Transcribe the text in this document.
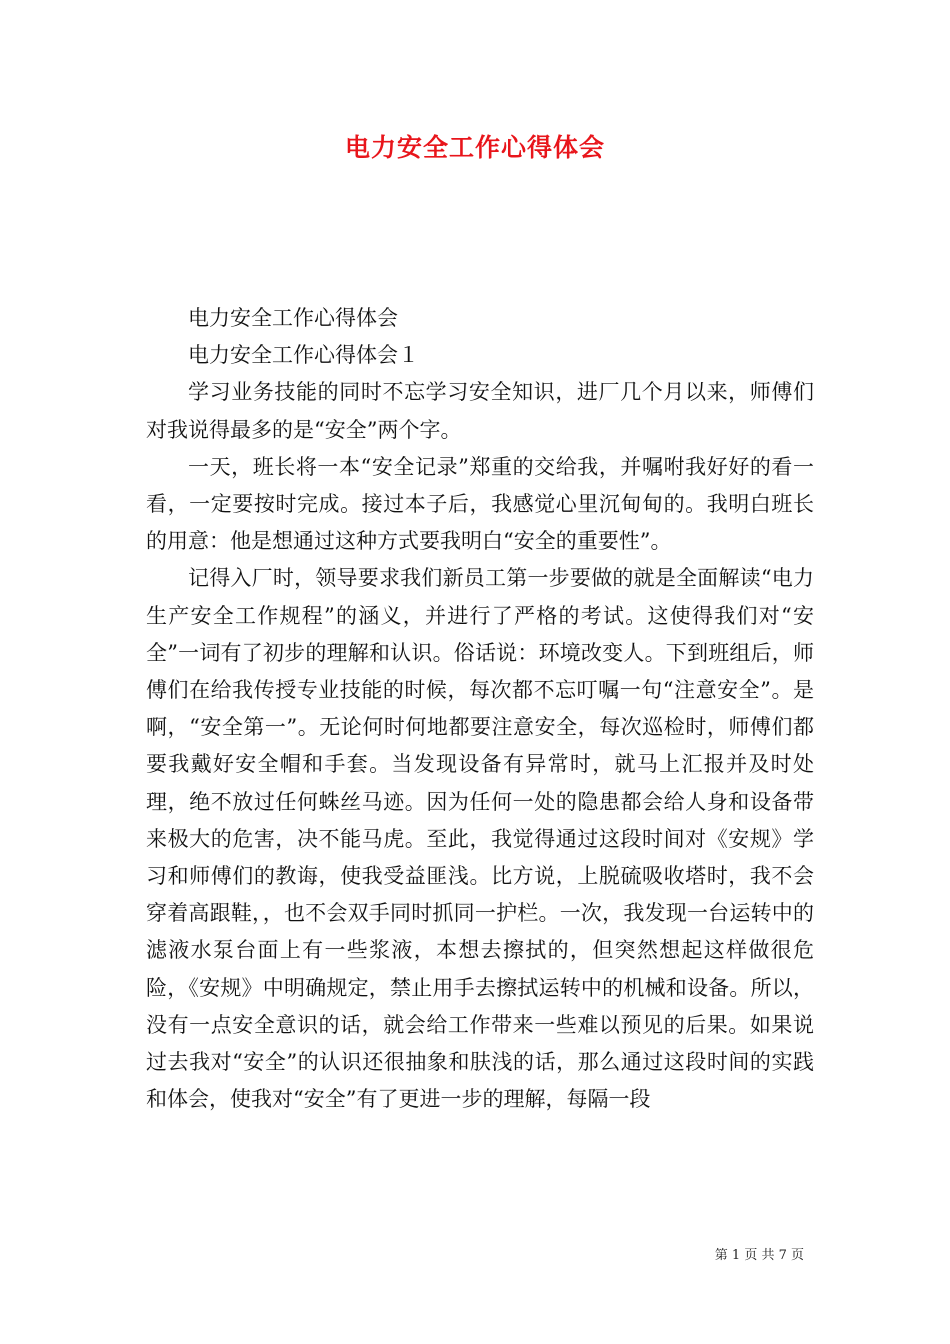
电力安全工作心得体会

电力安全工作心得体会

电力安全工作心得体会１

学习业务技能的同时不忘学习安全知识，进厂几个月以来，师傅们对我说得最多的是“安全”两个字。

一天，班长将一本“安全记录”郑重的交给我，并嘱咐我好好的看一看，一定要按时完成。接过本子后，我感觉心里沉甸甸的。我明白班长的用意：他是想通过这种方式要我明白“安全的重要性”。

记得入厂时，领导要求我们新员工第一步要做的就是全面解读“电力生产安全工作规程”的涵义，并进行了严格的考试。这使得我们对“安全”一词有了初步的理解和认识。俗话说：环境改变人。下到班组后，师傅们在给我传授专业技能的时候，每次都不忘叮嘱一句“注意安全”。是啊，“安全第一”。无论何时何地都要注意安全，每次巡检时，师傅们都要我戴好安全帽和手套。当发现设备有异常时，就马上汇报并及时处理，绝不放过任何蛛丝马迹。因为任何一处的隐患都会给人身和设备带来极大的危害，决不能马虎。至此，我觉得通过这段时间对《安规》学习和师傅们的教诲，使我受益匪浅。比方说，上脱硫吸收塔时，我不会穿着高跟鞋，，也不会双手同时抓同一护栏。一次，我发现一台运转中的滤液水泵台面上有一些浆液，本想去擦拭的，但突然想起这样做很危险，《安规》中明确规定，禁止用手去擦拭运转中的机械和设备。所以，没有一点安全意识的话，就会给工作带来一些难以预见的后果。如果说过去我对“安全”的认识还很抽象和肤浅的话，那么通过这段时间的实践和体会，使我对“安全”有了更进一步的理解，每隔一段

第 1 页 共 7 页
